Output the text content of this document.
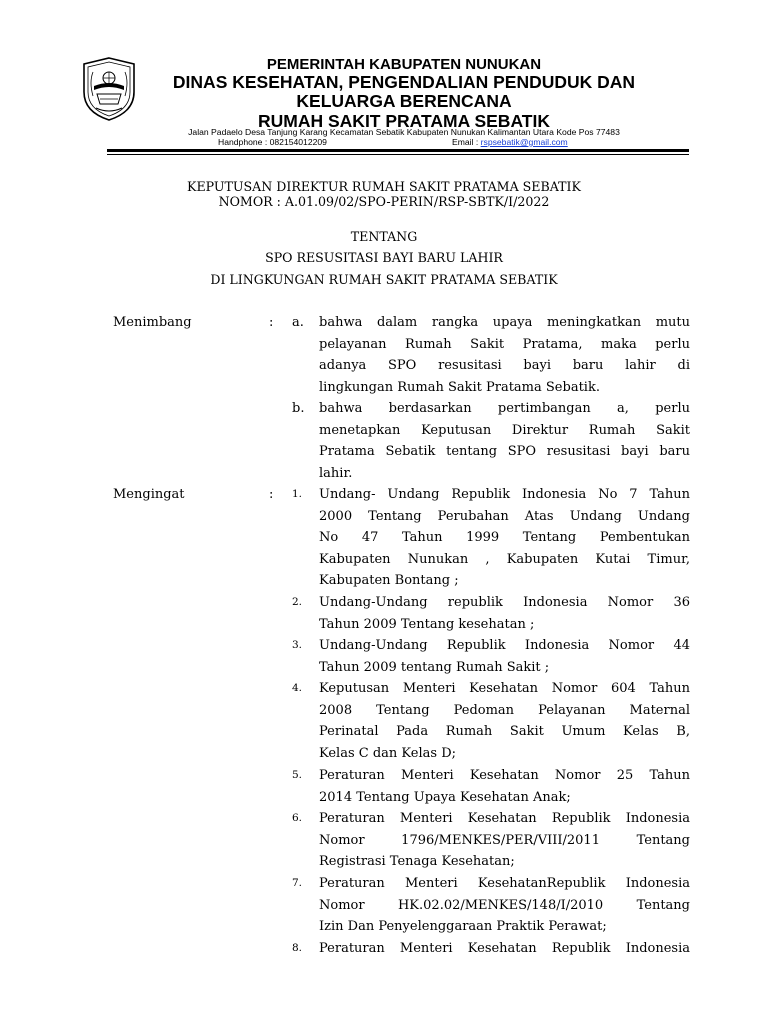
PEMERINTAH KABUPATEN NUNUKAN
DINAS KESEHATAN, PENGENDALIAN PENDUDUK DAN
KELUARGA BERENCANA
RUMAH SAKIT PRATAMA SEBATIK
Jalan Padaelo Desa Tanjung Karang Kecamatan Sebatik Kabupaten Nunukan Kalimantan Utara Kode Pos 77483
Handphone : 082154012209	Email : rspsebatik@gmail.com
KEPUTUSAN DIREKTUR RUMAH SAKIT PRATAMA SEBATIK
NOMOR : A.01.09/02/SPO-PERIN/RSP-SBTK/I/2022
TENTANG
SPO RESUSITASI BAYI BARU LAHIR
DI LINGKUNGAN RUMAH SAKIT PRATAMA SEBATIK
Menimbang	: a.	bahwa dalam rangka upaya meningkatkan mutu
pelayanan Rumah Sakit Pratama, maka perlu
adanya SPO resusitasi bayi baru lahir di
lingkungan Rumah Sakit Pratama Sebatik.
b.	bahwa berdasarkan pertimbangan a, perlu
menetapkan Keputusan Direktur Rumah Sakit
Pratama Sebatik tentang SPO resusitasi bayi baru
lahir.
Mengingat	: 1.	Undang- Undang Republik Indonesia No 7 Tahun
2000 Tentang Perubahan Atas Undang Undang
No 47 Tahun 1999 Tentang Pembentukan
Kabupaten Nunukan , Kabupaten Kutai Timur,
Kabupaten Bontang ;
2.	Undang-Undang republik Indonesia Nomor 36
Tahun 2009 Tentang kesehatan ;
3.	Undang-Undang Republik Indonesia Nomor 44
Tahun 2009 tentang Rumah Sakit ;
4.	Keputusan Menteri Kesehatan Nomor 604 Tahun
2008 Tentang Pedoman Pelayanan Maternal
Perinatal Pada Rumah Sakit Umum Kelas B,
Kelas C dan Kelas D;
5.	Peraturan Menteri Kesehatan Nomor 25 Tahun
2014 Tentang Upaya Kesehatan Anak;
6.	Peraturan Menteri Kesehatan Republik Indonesia
Nomor 1796/MENKES/PER/VIII/2011 Tentang
Registrasi Tenaga Kesehatan;
7.	Peraturan Menteri KesehatanRepublik Indonesia
Nomor HK.02.02/MENKES/148/I/2010 Tentang
Izin Dan Penyelenggaraan Praktik Perawat;
8.	Peraturan Menteri Kesehatan Republik Indonesia
